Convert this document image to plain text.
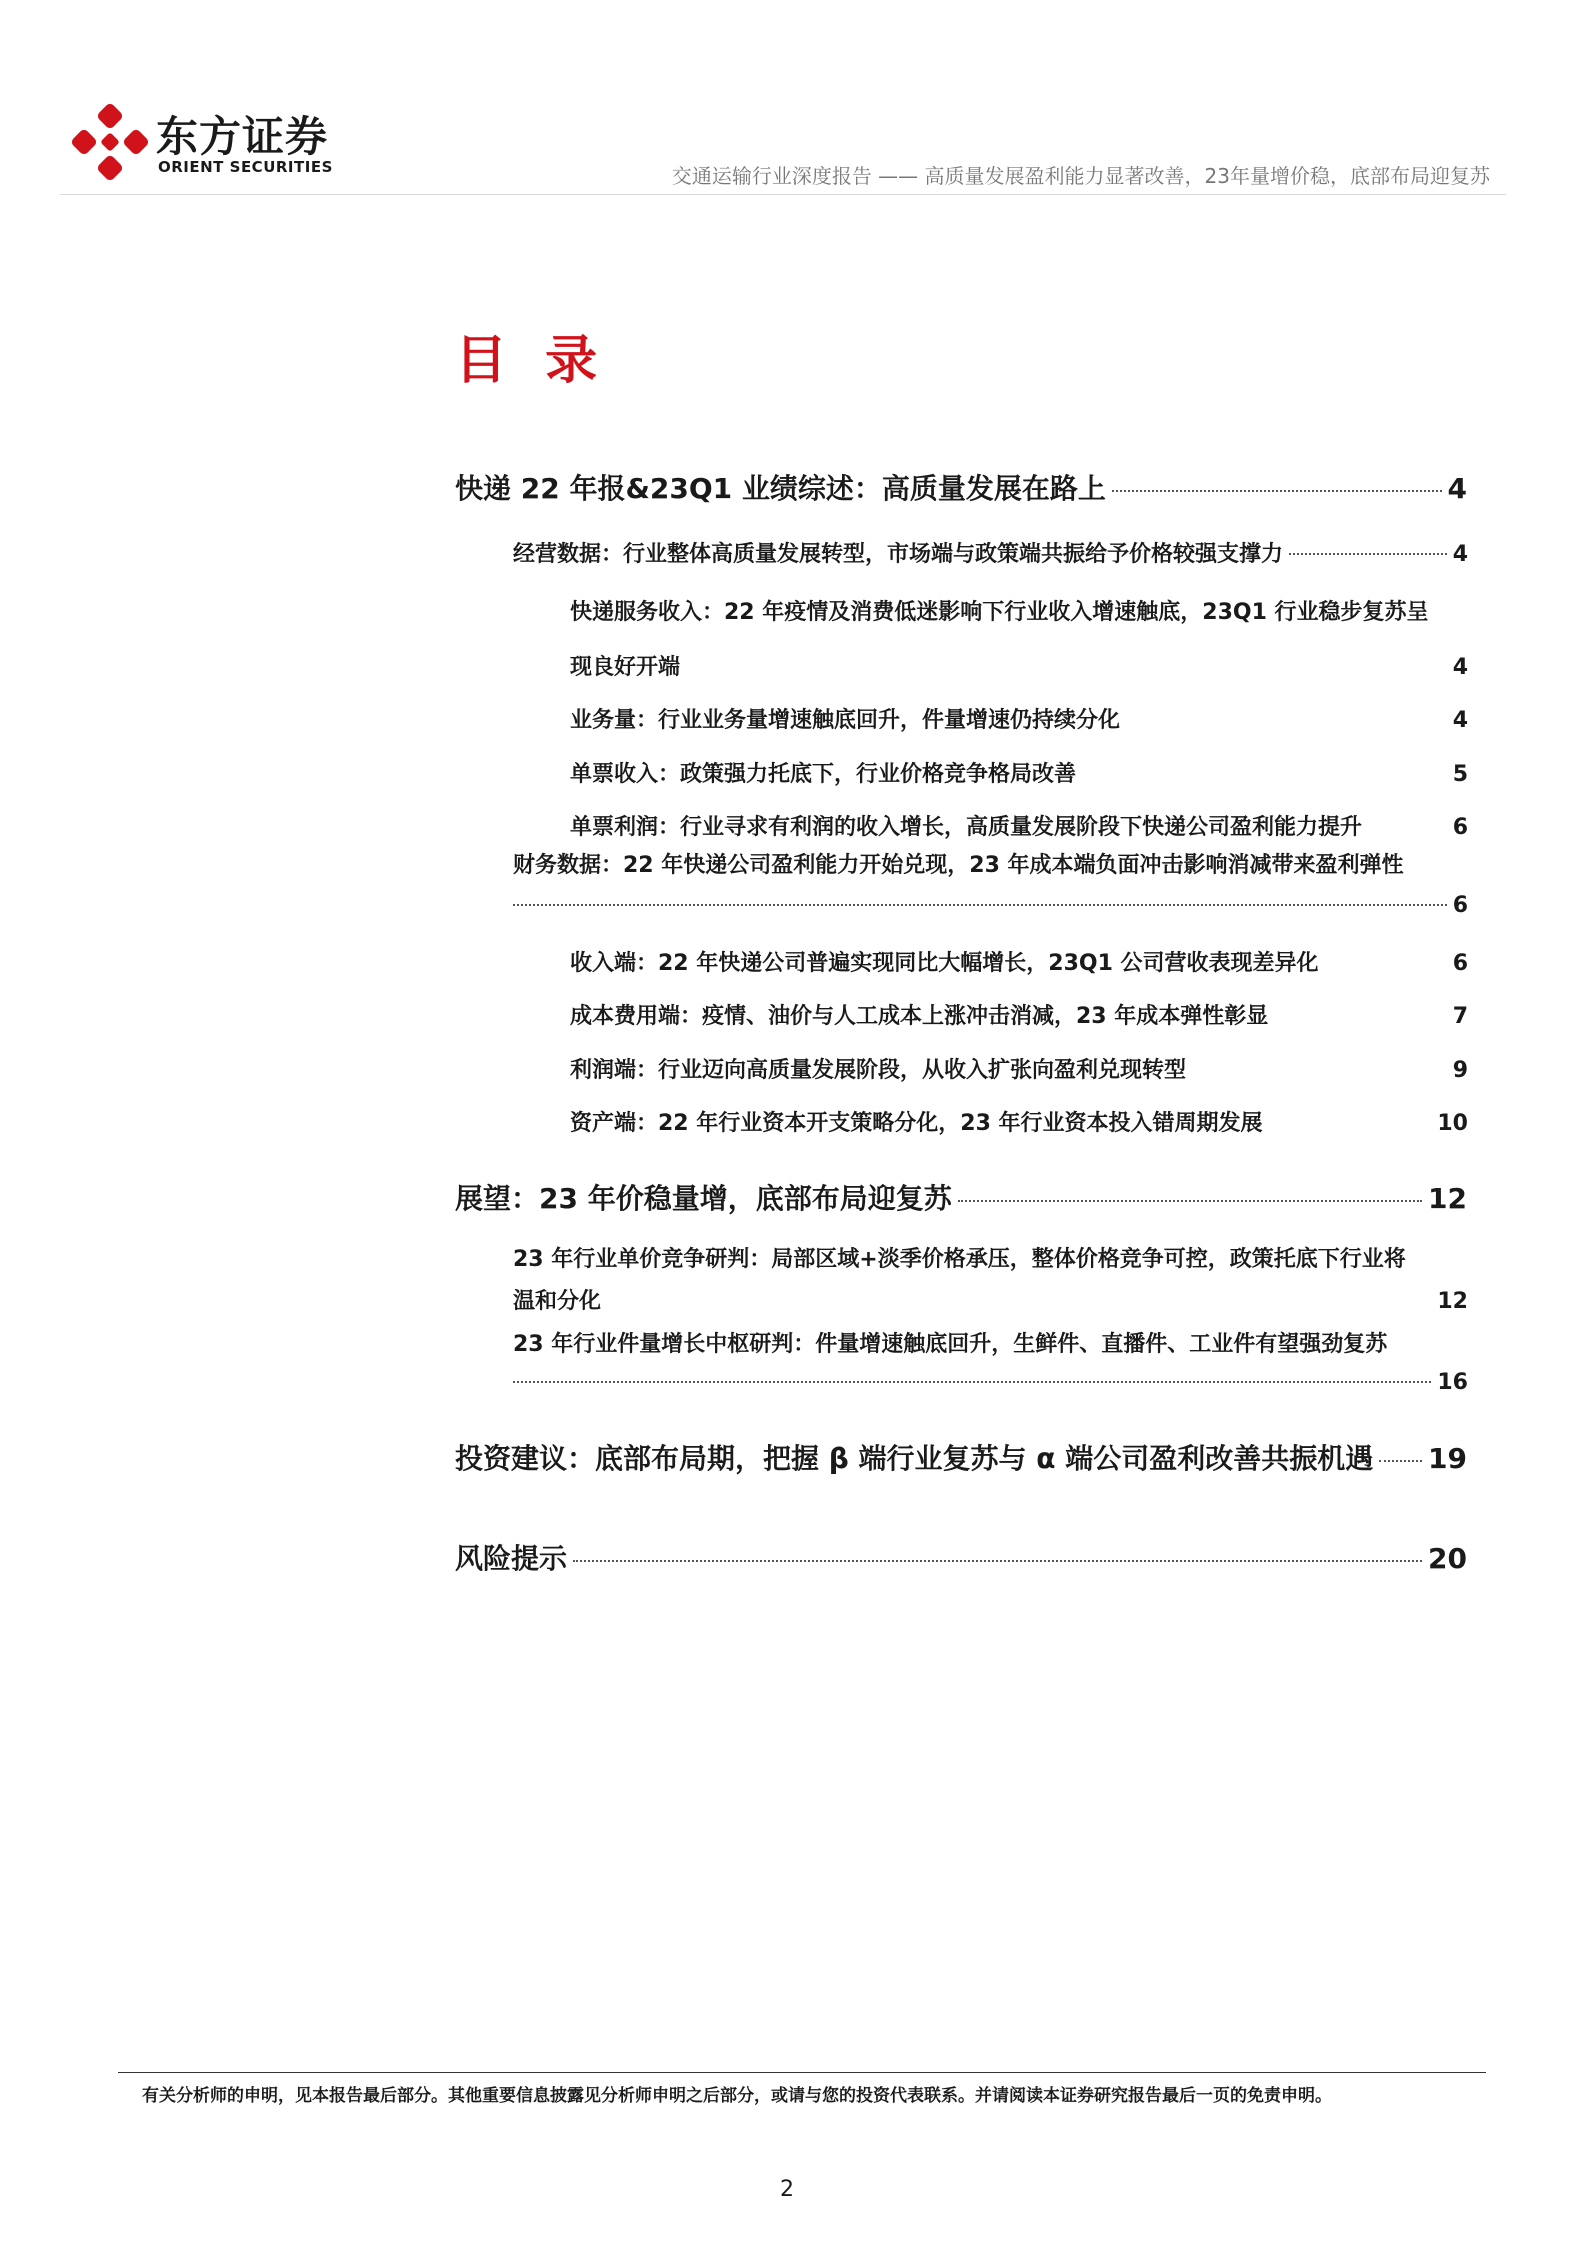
东方证券
ORIENT SECURITIES	交通运输行业深度报告 —— 高质量发展盈利能力显著改善，23年量增价稳，底部布局迎复苏
目 录
快递 22 年报&23Q1 业绩综述：高质量发展在路上	4
经营数据：行业整体高质量发展转型，市场端与政策端共振给予价格较强支撑力	4
快递服务收入：22 年疫情及消费低迷影响下行业收入增速触底，23Q1 行业稳步复苏呈
现良好开端	4
业务量：行业业务量增速触底回升，件量增速仍持续分化	4
单票收入：政策强力托底下，行业价格竞争格局改善	5
单票利润：行业寻求有利润的收入增长，高质量发展阶段下快递公司盈利能力提升	6
财务数据：22 年快递公司盈利能力开始兑现，23 年成本端负面冲击影响消减带来盈利弹性
6
收入端：22 年快递公司普遍实现同比大幅增长，23Q1 公司营收表现差异化	6
成本费用端：疫情、油价与人工成本上涨冲击消减，23 年成本弹性彰显	7
利润端：行业迈向高质量发展阶段，从收入扩张向盈利兑现转型	9
资产端：22 年行业资本开支策略分化，23 年行业资本投入错周期发展	10
展望：23 年价稳量增，底部布局迎复苏	12
23 年行业单价竞争研判：局部区域+淡季价格承压，整体价格竞争可控，政策托底下行业将
温和分化	12
23 年行业件量增长中枢研判：件量增速触底回升，生鲜件、直播件、工业件有望强劲复苏
16
投资建议：底部布局期，把握 β 端行业复苏与 α 端公司盈利改善共振机遇 19
风险提示	20
有关分析师的申明，见本报告最后部分。其他重要信息披露见分析师申明之后部分，或请与您的投资代表联系。并请阅读本证券研究报告最后一页的免责申明。
2
